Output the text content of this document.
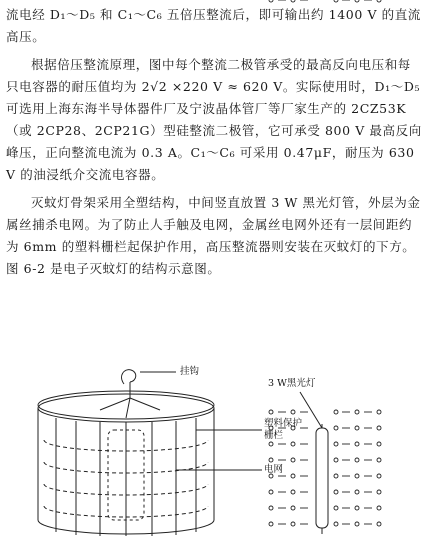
流电经 D₁～D₅ 和 C₁～C₆ 五倍压整流后，即可输出约 1400 V 的直流高压。

根据倍压整流原理，图中每个整流二极管承受的最高反向电压和每只电容器的耐压值均为 2√2 ×220 V ≈ 620 V。实际使用时，D₁～D₅ 可选用上海东海半导体器件厂及宁波晶体管厂等厂家生产的 2CZ53K（或 2CP28、2CP21G）型硅整流二极管，它可承受 800 V 最高反向峰压，正向整流电流为 0.3 A。C₁～C₆ 可采用 0.47μF，耐压为 630 V 的油浸纸介交流电容器。

灭蚊灯骨架采用全塑结构，中间竖直放置 3 W 黑光灯管，外层为金属丝捕杀电网。为了防止人手触及电网，金属丝电网外还有一层间距约为 6mm 的塑料栅栏起保护作用，高压整流器则安装在灭蚊灯的下方。图 6-2 是电子灭蚊灯的结构示意图。

挂钩
3 W黑光灯
塑料保护栅栏
电网
